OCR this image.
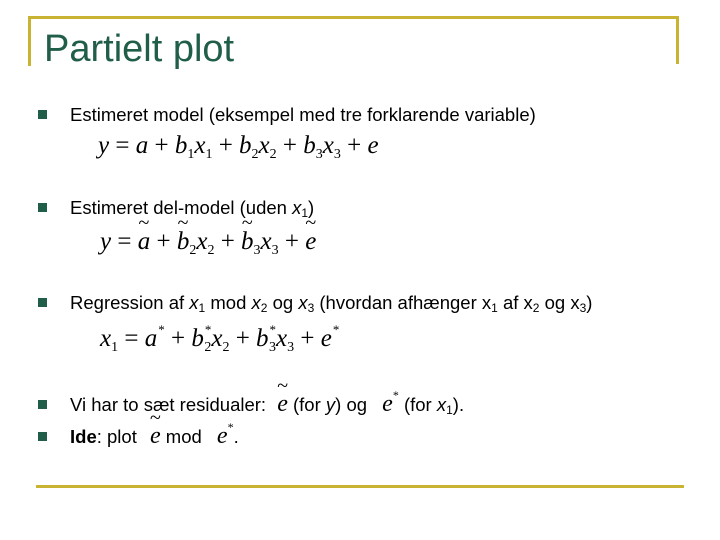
Partielt plot
Estimeret model (eksempel med tre forklarende variable)
$y = a + b_1x_1 + b_2x_2 + b_3x_3 + e$
Estimeret del-model (uden $x_1$)
y = ~ a + ~ $b_2x_2$ + ~ $b_3x_3$ + ~ e
Regression af $x_1$ mod $x_2$ og $x_3$ (hvordan afhænger $x_1$ af $x_2$ og $x_3$)
$x_1 = a^* + b^*_2x_2 + b^*_3x_3 + e^*$
Vi har to sæt residualer: ~ e (for y) og e* (for $x_1$).
Ide: plot ~ e mod e*.
